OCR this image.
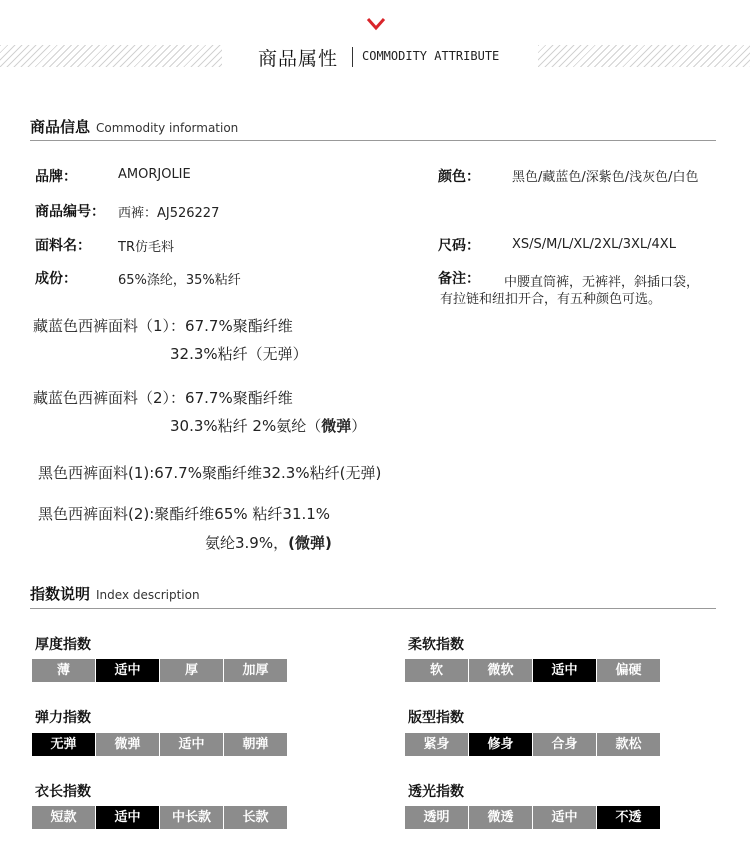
商品属性 COMMODITY ATTRIBUTE
商品信息 Commodity information
品牌：	AMORJOLIE
商品编号： 西裤：AJ526227
面料名： TR仿毛料
成份：	65%涤纶，35%粘纤
颜色： 黑色/藏蓝色/深紫色/浅灰色/白色
尺码： XS/S/M/L/XL/2XL/3XL/4XL
备注： 中腰直筒裤，无裤袢，斜插口袋，
有拉链和纽扣开合，有五种颜色可选。
藏蓝色西裤面料（1）：67.7%聚酯纤维
32.3%粘纤（无弹）
藏蓝色西裤面料（2）：67.7%聚酯纤维
30.3%粘纤 2%氨纶（微弹）
黑色西裤面料(1):67.7%聚酯纤维32.3%粘纤(无弹)
黑色西裤面料(2):聚酯纤维65% 粘纤31.1%
氨纶3.9%，(微弹)
指数说明 Index description
厚度指数
薄	适中	厚	加厚
柔软指数
软	微软	适中	偏硬
弹力指数
无弹	微弹	适中	朝弹
版型指数
紧身	修身	合身	款松
衣长指数
短款	适中	中长款	长款
透光指数
透明	微透	适中	不透
